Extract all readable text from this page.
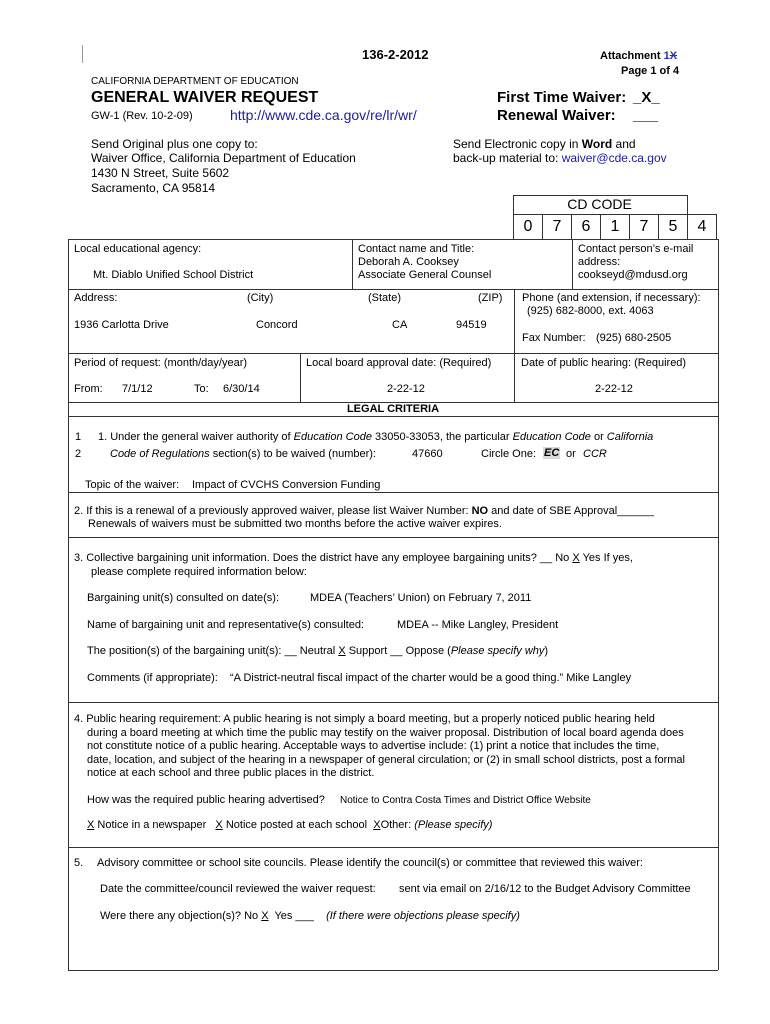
136-2-2012	Attachment 1X
Page 1 of 4
CALIFORNIA DEPARTMENT OF EDUCATION
GENERAL WAIVER REQUEST
GW-1 (Rev. 10-2-09)	http://www.cde.ca.gov/re/lr/wr/
First Time Waiver: _X_
Renewal Waiver: ___
Send Original plus one copy to:
Waiver Office, California Department of Education
1430 N Street, Suite 5602
Sacramento, CA 95814
Send Electronic copy in Word and
back-up material to: waiver@cde.ca.gov
CD CODE
0	7	6	1	7	5	4
Local educational agency:
Mt. Diablo Unified School District
Contact name and Title:
Deborah A. Cooksey
Associate General Counsel
Contact person’s e-mail
address:
cookseyd@mdusd.org
Address:	(City)	(State)	(ZIP)
1936 Carlotta Drive	Concord	CA	94519
Phone (and extension, if necessary):
(925) 682-8000, ext. 4063
Fax Number: (925) 680-2505
Period of request: (month/day/year)
From: 7/1/12	To: 6/30/14
Local board approval date: (Required)
2-22-12
Date of public hearing: (Required)
2-22-12
LEGAL CRITERIA
1
2
1. Under the general waiver authority of Education Code 33050-33053, the particular Education Code or California
Code of Regulations section(s) to be waived (number):	47660	Circle One: EC or CCR
Topic of the waiver: Impact of CVCHS Conversion Funding
2. If this is a renewal of a previously approved waiver, please list Waiver Number: NO and date of SBE Approval______
Renewals of waivers must be submitted two months before the active waiver expires.
3. Collective bargaining unit information. Does the district have any employee bargaining units? __ No X Yes If yes,
please complete required information below:
Bargaining unit(s) consulted on date(s):	MDEA (Teachers’ Union) on February 7, 2011
Name of bargaining unit and representative(s) consulted:	MDEA -- Mike Langley, President
The position(s) of the bargaining unit(s): __ Neutral X Support __ Oppose (Please specify why)
Comments (if appropriate): “A District-neutral fiscal impact of the charter would be a good thing.” Mike Langley
4. Public hearing requirement: A public hearing is not simply a board meeting, but a properly noticed public hearing held
during a board meeting at which time the public may testify on the waiver proposal. Distribution of local board agenda does
not constitute notice of a public hearing. Acceptable ways to advertise include: (1) print a notice that includes the time,
date, location, and subject of the hearing in a newspaper of general circulation; or (2) in small school districts, post a formal
notice at each school and three public places in the district.
How was the required public hearing advertised? Notice to Contra Costa Times and District Office Website
X Notice in a newspaper X Notice posted at each school XOther: (Please specify)
5. Advisory committee or school site councils. Please identify the council(s) or committee that reviewed this waiver:
Date the committee/council reviewed the waiver request: sent via email on 2/16/12 to the Budget Advisory Committee
Were there any objection(s)? No X Yes ___ (If there were objections please specify)
